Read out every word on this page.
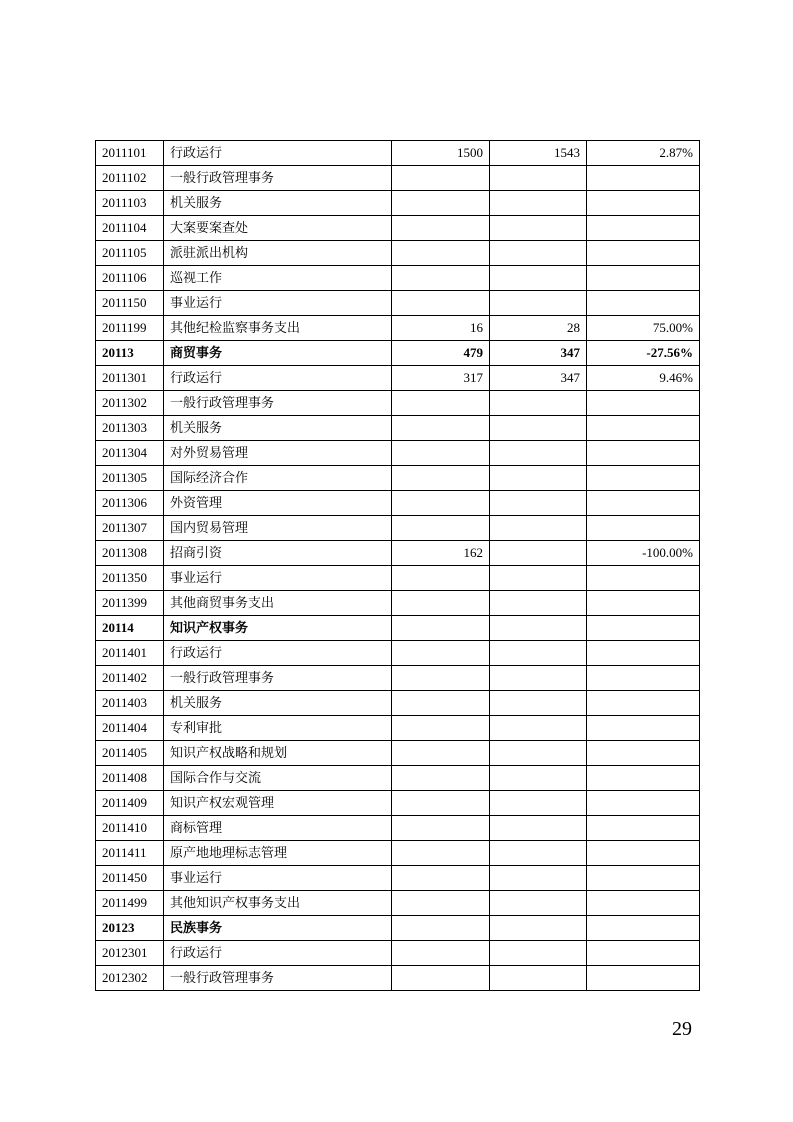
2011101	行政运行	1500	1543	2.87%
2011102	一般行政管理事务			
2011103	机关服务			
2011104	大案要案查处			
2011105	派驻派出机构			
2011106	巡视工作			
2011150	事业运行			
2011199	其他纪检监察事务支出	16	28	75.00%
20113	商贸事务	479	347	-27.56%
2011301	行政运行	317	347	9.46%
2011302	一般行政管理事务			
2011303	机关服务			
2011304	对外贸易管理			
2011305	国际经济合作			
2011306	外资管理			
2011307	国内贸易管理			
2011308	招商引资	162		-100.00%
2011350	事业运行			
2011399	其他商贸事务支出			
20114	知识产权事务			
2011401	行政运行			
2011402	一般行政管理事务			
2011403	机关服务			
2011404	专利审批			
2011405	知识产权战略和规划			
2011408	国际合作与交流			
2011409	知识产权宏观管理			
2011410	商标管理			
2011411	原产地地理标志管理			
2011450	事业运行			
2011499	其他知识产权事务支出			
20123	民族事务			
2012301	行政运行			
2012302	一般行政管理事务			
29
